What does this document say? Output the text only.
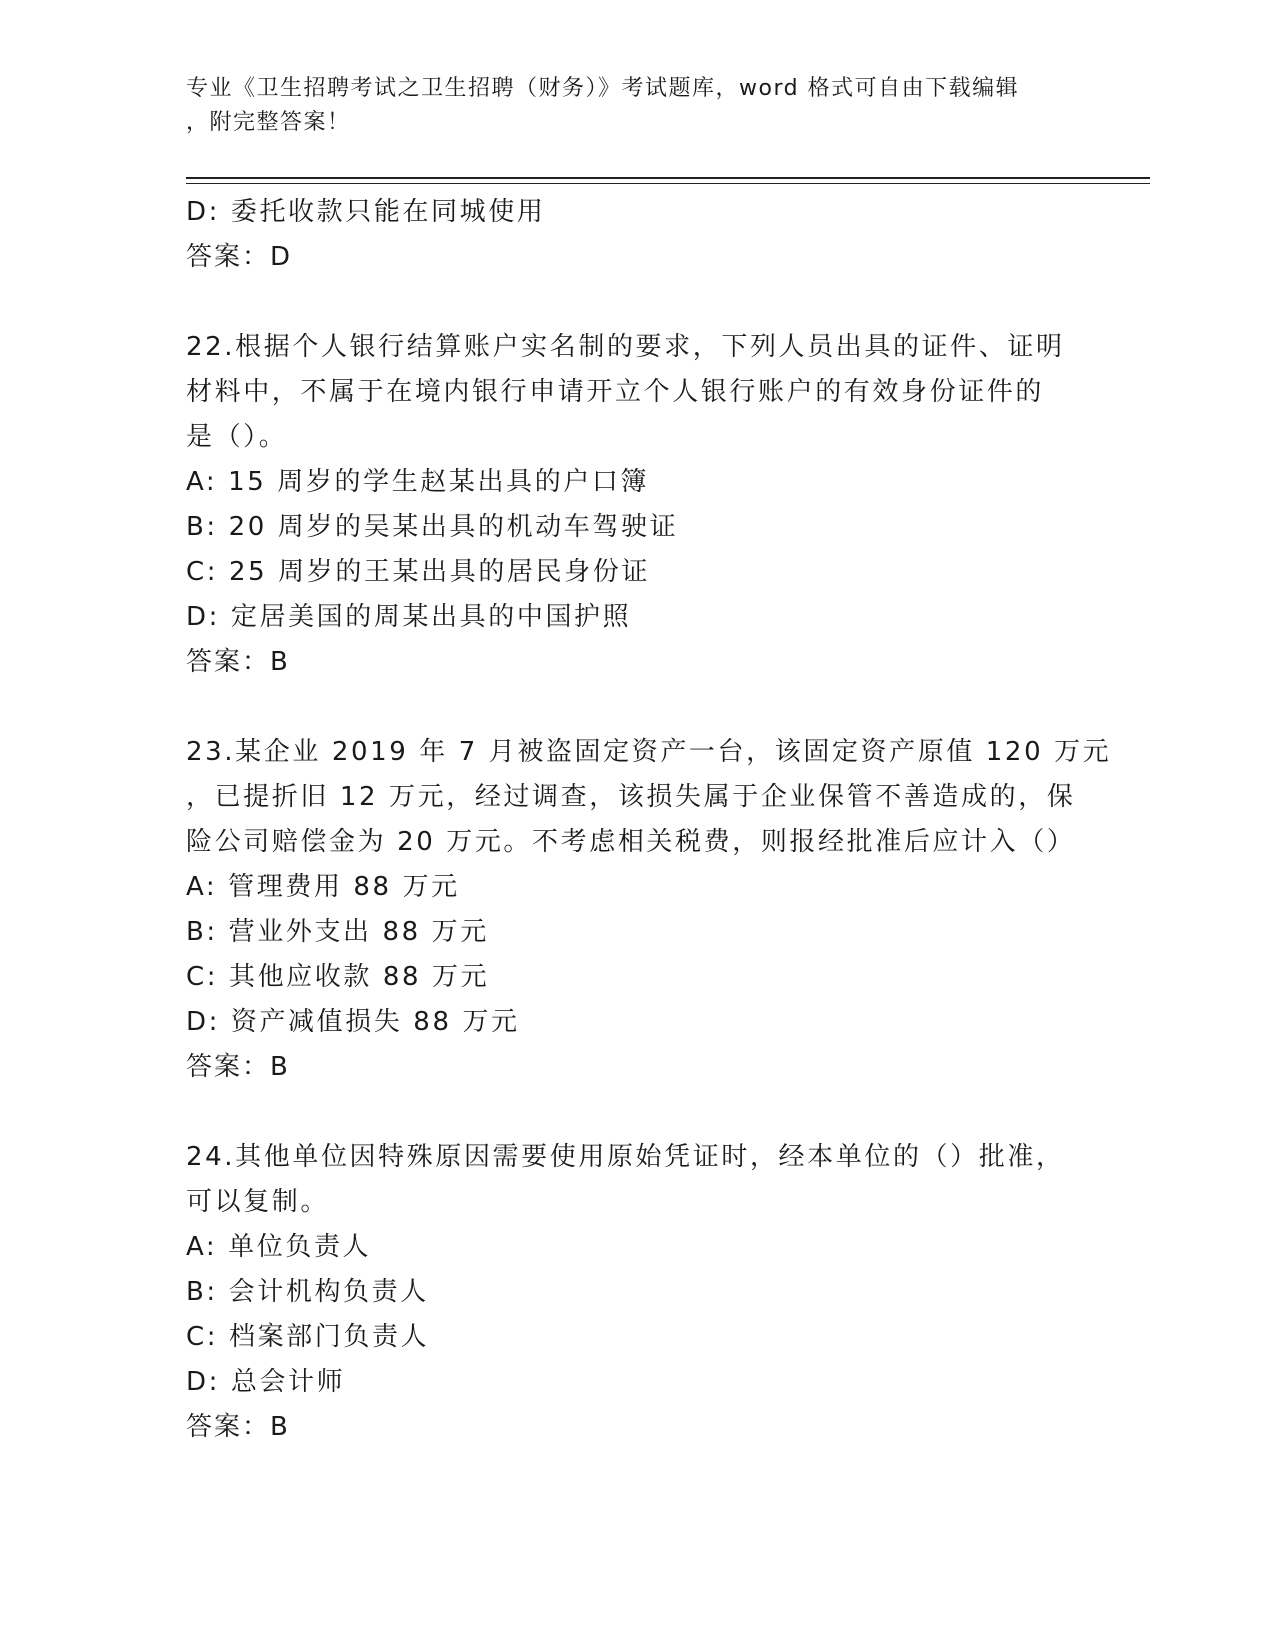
专业《卫生招聘考试之卫生招聘（财务）》考试题库，word 格式可自由下载编辑
，附完整答案！
D: 委托收款只能在同城使用
答案：D
22.根据个人银行结算账户实名制的要求，下列人员出具的证件、证明
材料中，不属于在境内银行申请开立个人银行账户的有效身份证件的
是（）。
A: 15 周岁的学生赵某出具的户口簿
B: 20 周岁的吴某出具的机动车驾驶证
C: 25 周岁的王某出具的居民身份证
D: 定居美国的周某出具的中国护照
答案：B
23.某企业 2019 年 7 月被盗固定资产一台，该固定资产原值 120 万元
，已提折旧 12 万元，经过调查，该损失属于企业保管不善造成的，保
险公司赔偿金为 20 万元。不考虑相关税费，则报经批准后应计入（）
A: 管理费用 88 万元
B: 营业外支出 88 万元
C: 其他应收款 88 万元
D: 资产减值损失 88 万元
答案：B
24.其他单位因特殊原因需要使用原始凭证时，经本单位的（）批准，
可以复制。
A: 单位负责人
B: 会计机构负责人
C: 档案部门负责人
D: 总会计师
答案：B
